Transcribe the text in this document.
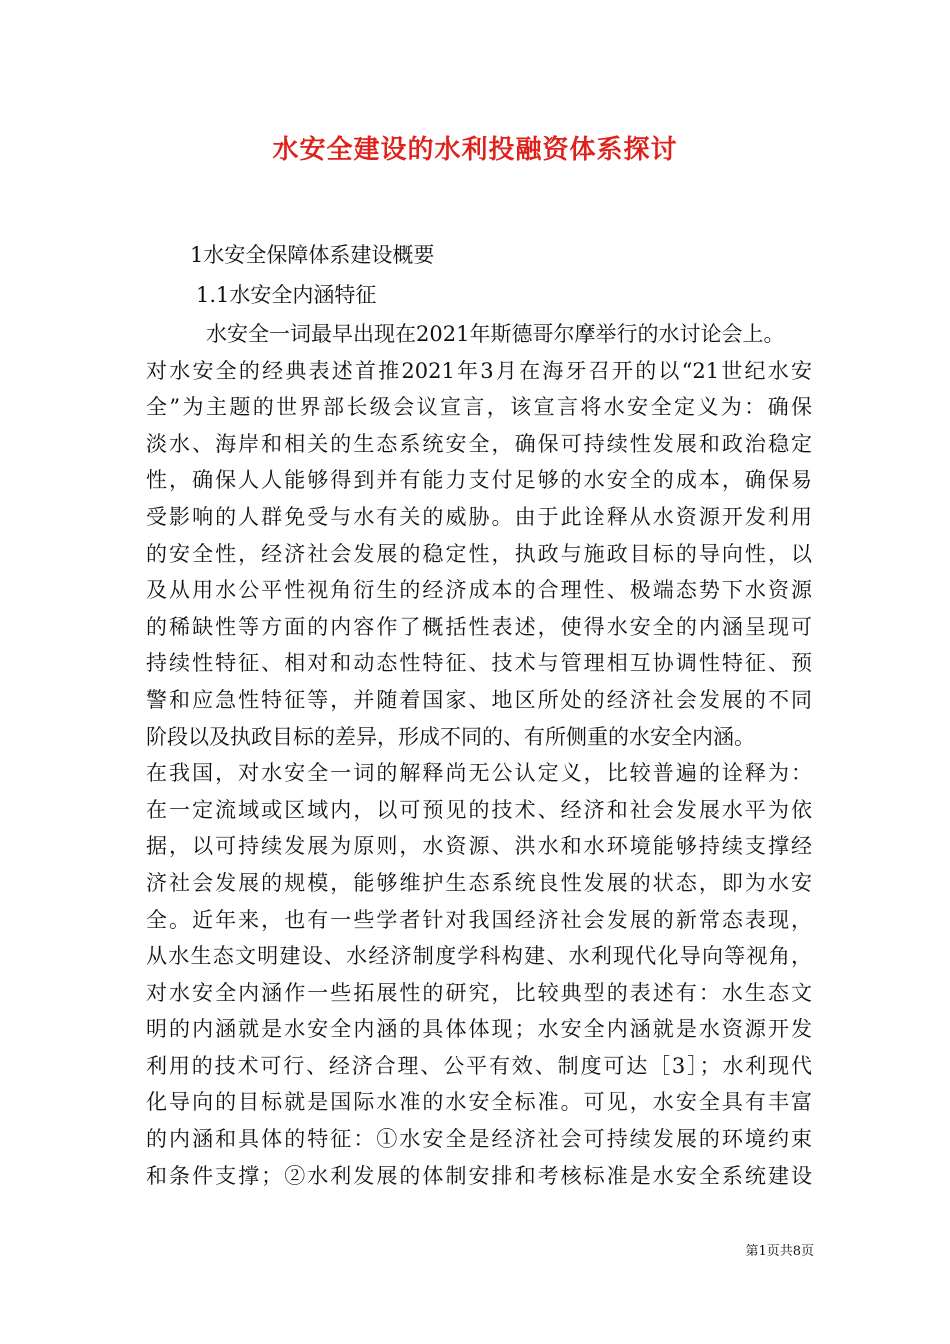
水安全建设的水利投融资体系探讨
1水安全保障体系建设概要
1.1水安全内涵特征
水安全一词最早出现在2021年斯德哥尔摩举行的水讨论会上。
对水安全的经典表述首推2021年3月在海牙召开的以“21世纪水安
全”为主题的世界部长级会议宣言，该宣言将水安全定义为：确保
淡水、海岸和相关的生态系统安全，确保可持续性发展和政治稳定
性，确保人人能够得到并有能力支付足够的水安全的成本，确保易
受影响的人群免受与水有关的威胁。由于此诠释从水资源开发利用
的安全性，经济社会发展的稳定性，执政与施政目标的导向性，以
及从用水公平性视角衍生的经济成本的合理性、极端态势下水资源
的稀缺性等方面的内容作了概括性表述，使得水安全的内涵呈现可
持续性特征、相对和动态性特征、技术与管理相互协调性特征、预
警和应急性特征等，并随着国家、地区所处的经济社会发展的不同
阶段以及执政目标的差异，形成不同的、有所侧重的水安全内涵。
在我国，对水安全一词的解释尚无公认定义，比较普遍的诠释为：
在一定流域或区域内，以可预见的技术、经济和社会发展水平为依
据，以可持续发展为原则，水资源、洪水和水环境能够持续支撑经
济社会发展的规模，能够维护生态系统良性发展的状态，即为水安
全。近年来，也有一些学者针对我国经济社会发展的新常态表现，
从水生态文明建设、水经济制度学科构建、水利现代化导向等视角，
对水安全内涵作一些拓展性的研究，比较典型的表述有：水生态文
明的内涵就是水安全内涵的具体体现；水安全内涵就是水资源开发
利用的技术可行、经济合理、公平有效、制度可达［3］；水利现代
化导向的目标就是国际水准的水安全标准。可见，水安全具有丰富
的内涵和具体的特征：①水安全是经济社会可持续发展的环境约束
和条件支撑；②水利发展的体制安排和考核标准是水安全系统建设
第1页共8页
